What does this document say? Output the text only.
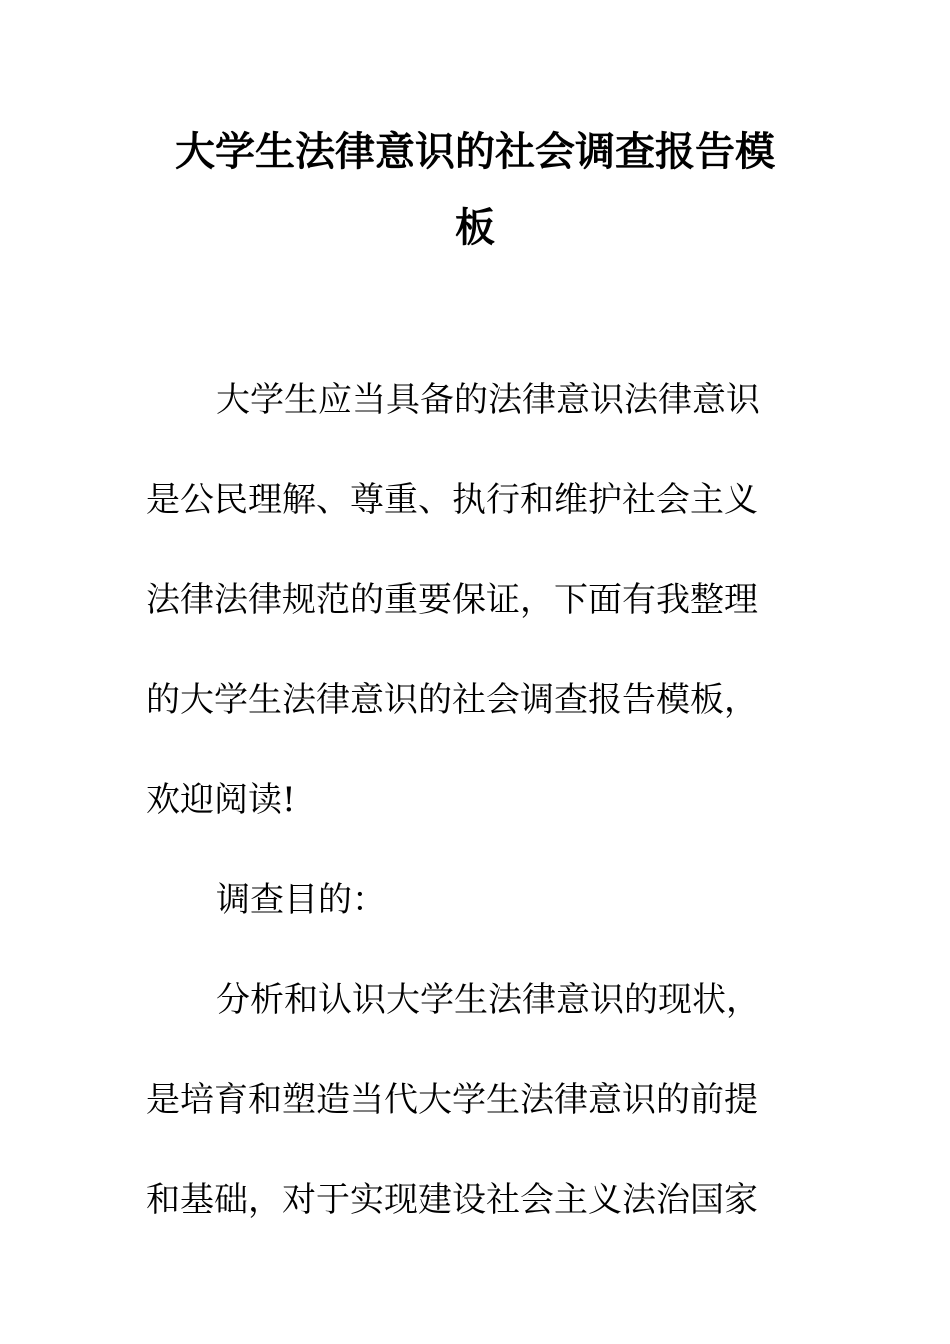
大学生法律意识的社会调查报告模
板
大学生应当具备的法律意识法律意识
是公民理解、尊重、执行和维护社会主义
法律法律规范的重要保证，下面有我整理
的大学生法律意识的社会调查报告模板，
欢迎阅读!
调查目的：
分析和认识大学生法律意识的现状，
是培育和塑造当代大学生法律意识的前提
和基础，对于实现建设社会主义法治国家
